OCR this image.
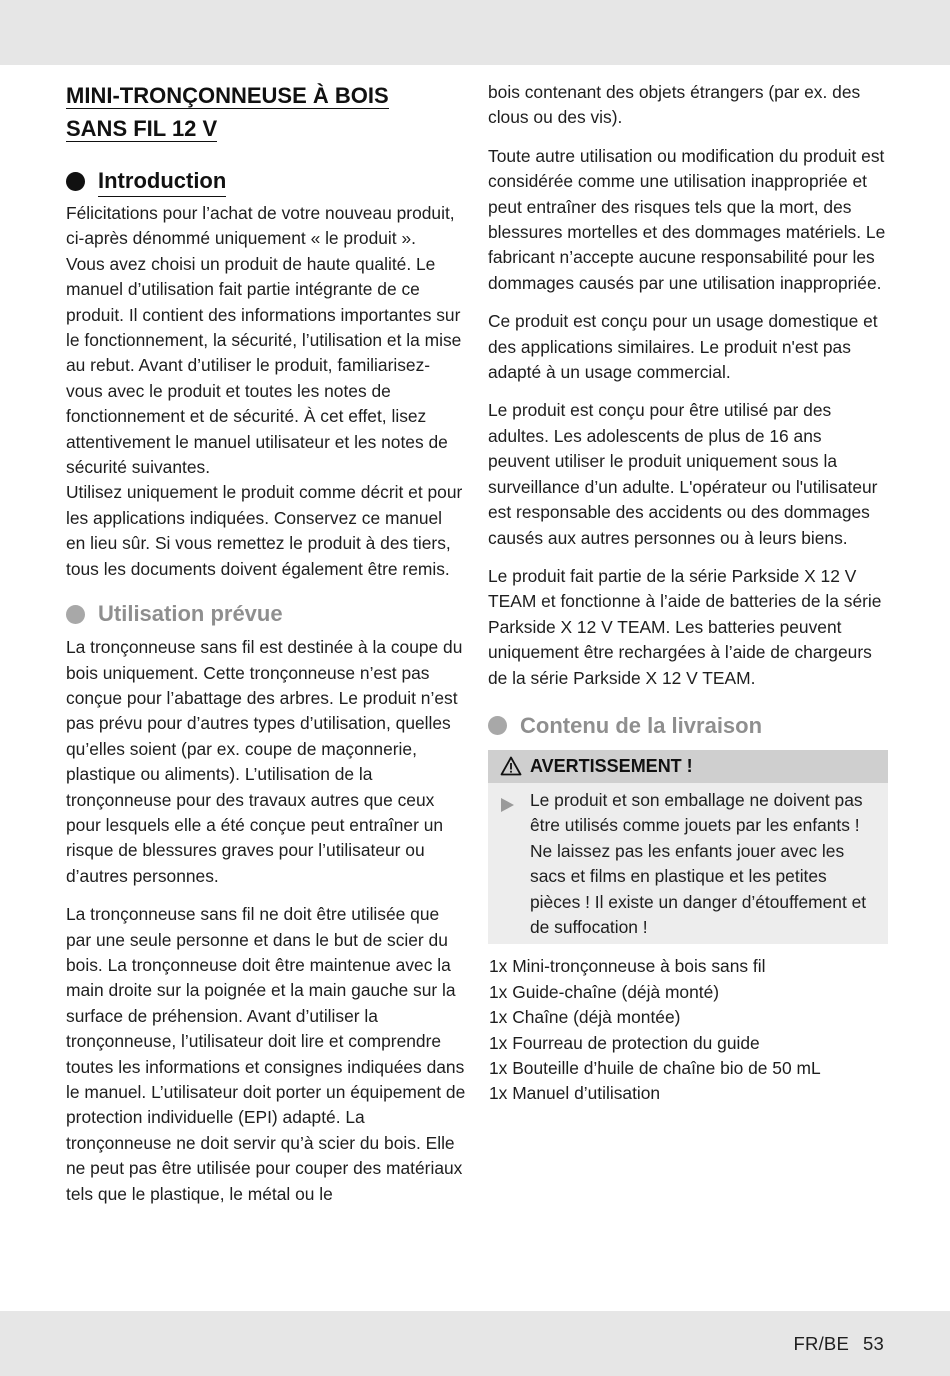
MINI-TRONÇONNEUSE À BOIS
SANS FIL 12 V
Introduction

Félicitations pour l’achat de votre nouveau produit, ci-après dénommé uniquement « le produit ».

Vous avez choisi un produit de haute qualité. Le manuel d’utilisation fait partie intégrante de ce produit. Il contient des informations importantes sur le fonctionnement, la sécurité, l’utilisation et la mise au rebut. Avant d’utiliser le produit, familiarisez-vous avec le produit et toutes les notes de fonctionnement et de sécurité. À cet effet, lisez attentivement le manuel utilisateur et les notes de sécurité suivantes.

Utilisez uniquement le produit comme décrit et pour les applications indiquées. Conservez ce manuel en lieu sûr. Si vous remettez le produit à des tiers, tous les documents doivent également être remis.

Utilisation prévue

La tronçonneuse sans fil est destinée à la coupe du bois uniquement. Cette tronçonneuse n’est pas conçue pour l’abattage des arbres. Le produit n’est pas prévu pour d’autres types d’utilisation, quelles qu’elles soient (par ex. coupe de maçonnerie, plastique ou aliments). L’utilisation de la tronçonneuse pour des travaux autres que ceux pour lesquels elle a été conçue peut entraîner un risque de blessures graves pour l’utilisateur ou d’autres personnes.

La tronçonneuse sans fil ne doit être utilisée que par une seule personne et dans le but de scier du bois. La tronçonneuse doit être maintenue avec la main droite sur la poignée et la main gauche sur la surface de préhension. Avant d’utiliser la tronçonneuse, l’utilisateur doit lire et comprendre toutes les informations et consignes indiquées dans le manuel. L’utilisateur doit porter un équipement de protection individuelle (EPI) adapté. La tronçonneuse ne doit servir qu’à scier du bois. Elle ne peut pas être utilisée pour couper des matériaux tels que le plastique, le métal ou le

bois contenant des objets étrangers (par ex. des clous ou des vis).

Toute autre utilisation ou modification du produit est considérée comme une utilisation inappropriée et peut entraîner des risques tels que la mort, des blessures mortelles et des dommages matériels. Le fabricant n’accepte aucune responsabilité pour les dommages causés par une utilisation inappropriée.

Ce produit est conçu pour un usage domestique et des applications similaires. Le produit n'est pas adapté à un usage commercial.

Le produit est conçu pour être utilisé par des adultes. Les adolescents de plus de 16 ans peuvent utiliser le produit uniquement sous la surveillance d’un adulte. L'opérateur ou l'utilisateur est responsable des accidents ou des dommages causés aux autres personnes ou à leurs biens.

Le produit fait partie de la série Parkside X 12 V TEAM et fonctionne à l’aide de batteries de la série Parkside X 12 V TEAM. Les batteries peuvent uniquement être rechargées à l’aide de chargeurs de la série Parkside X 12 V TEAM.

Contenu de la livraison
AVERTISSEMENT !
Le produit et son emballage ne doivent pas être utilisés comme jouets par les enfants ! Ne laissez pas les enfants jouer avec les sacs et films en plastique et les petites pièces ! Il existe un danger d’étouffement et de suffocation !
1x Mini-tronçonneuse à bois sans fil
1x Guide-chaîne (déjà monté)
1x Chaîne (déjà montée)
1x Fourreau de protection du guide
1x Bouteille d’huile de chaîne bio de 50 mL
1x Manuel d’utilisation
FR/BE 53
